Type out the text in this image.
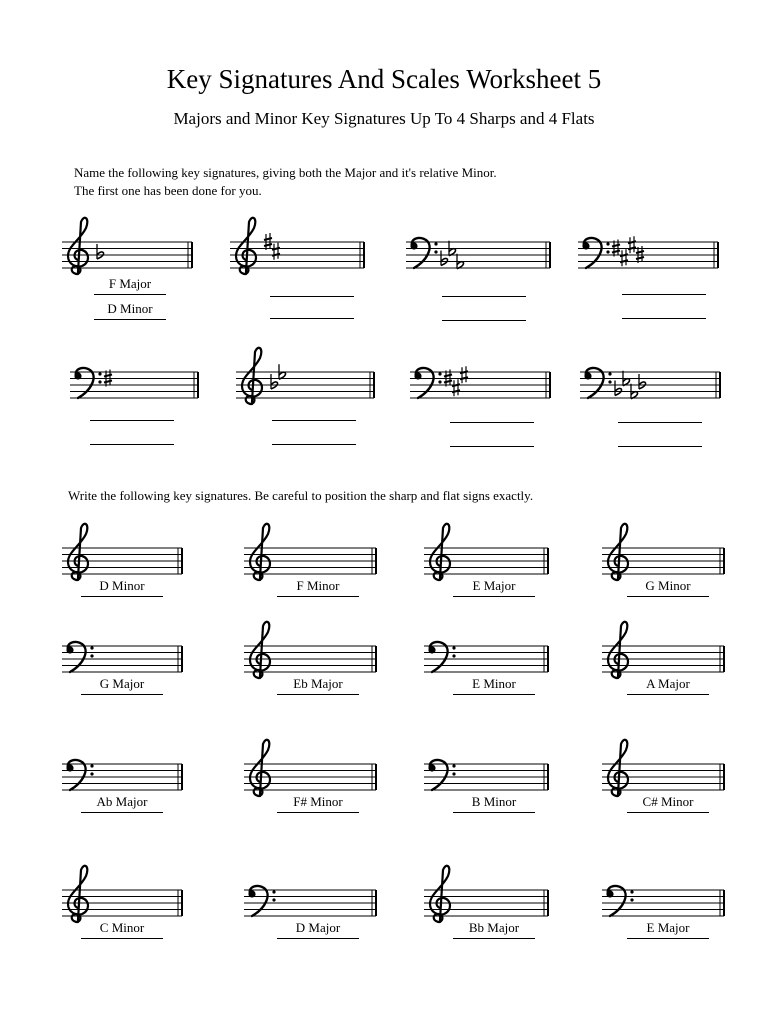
Key Signatures And Scales Worksheet 5

Majors and Minor Key Signatures Up To 4 Sharps and 4 Flats

Name the following key signatures, giving both the Major and it's relative Minor.

The first one has been done for you.

Write the following key signatures. Be careful to position the sharp and flat signs exactly.

F Major
D Minor
D Minor	F Minor	E Major	G Minor
G Major	Eb Major	E Minor	A Major
Ab Major	F# Minor	B Minor	C# Minor
C Minor	D Major	Bb Major	E Major
